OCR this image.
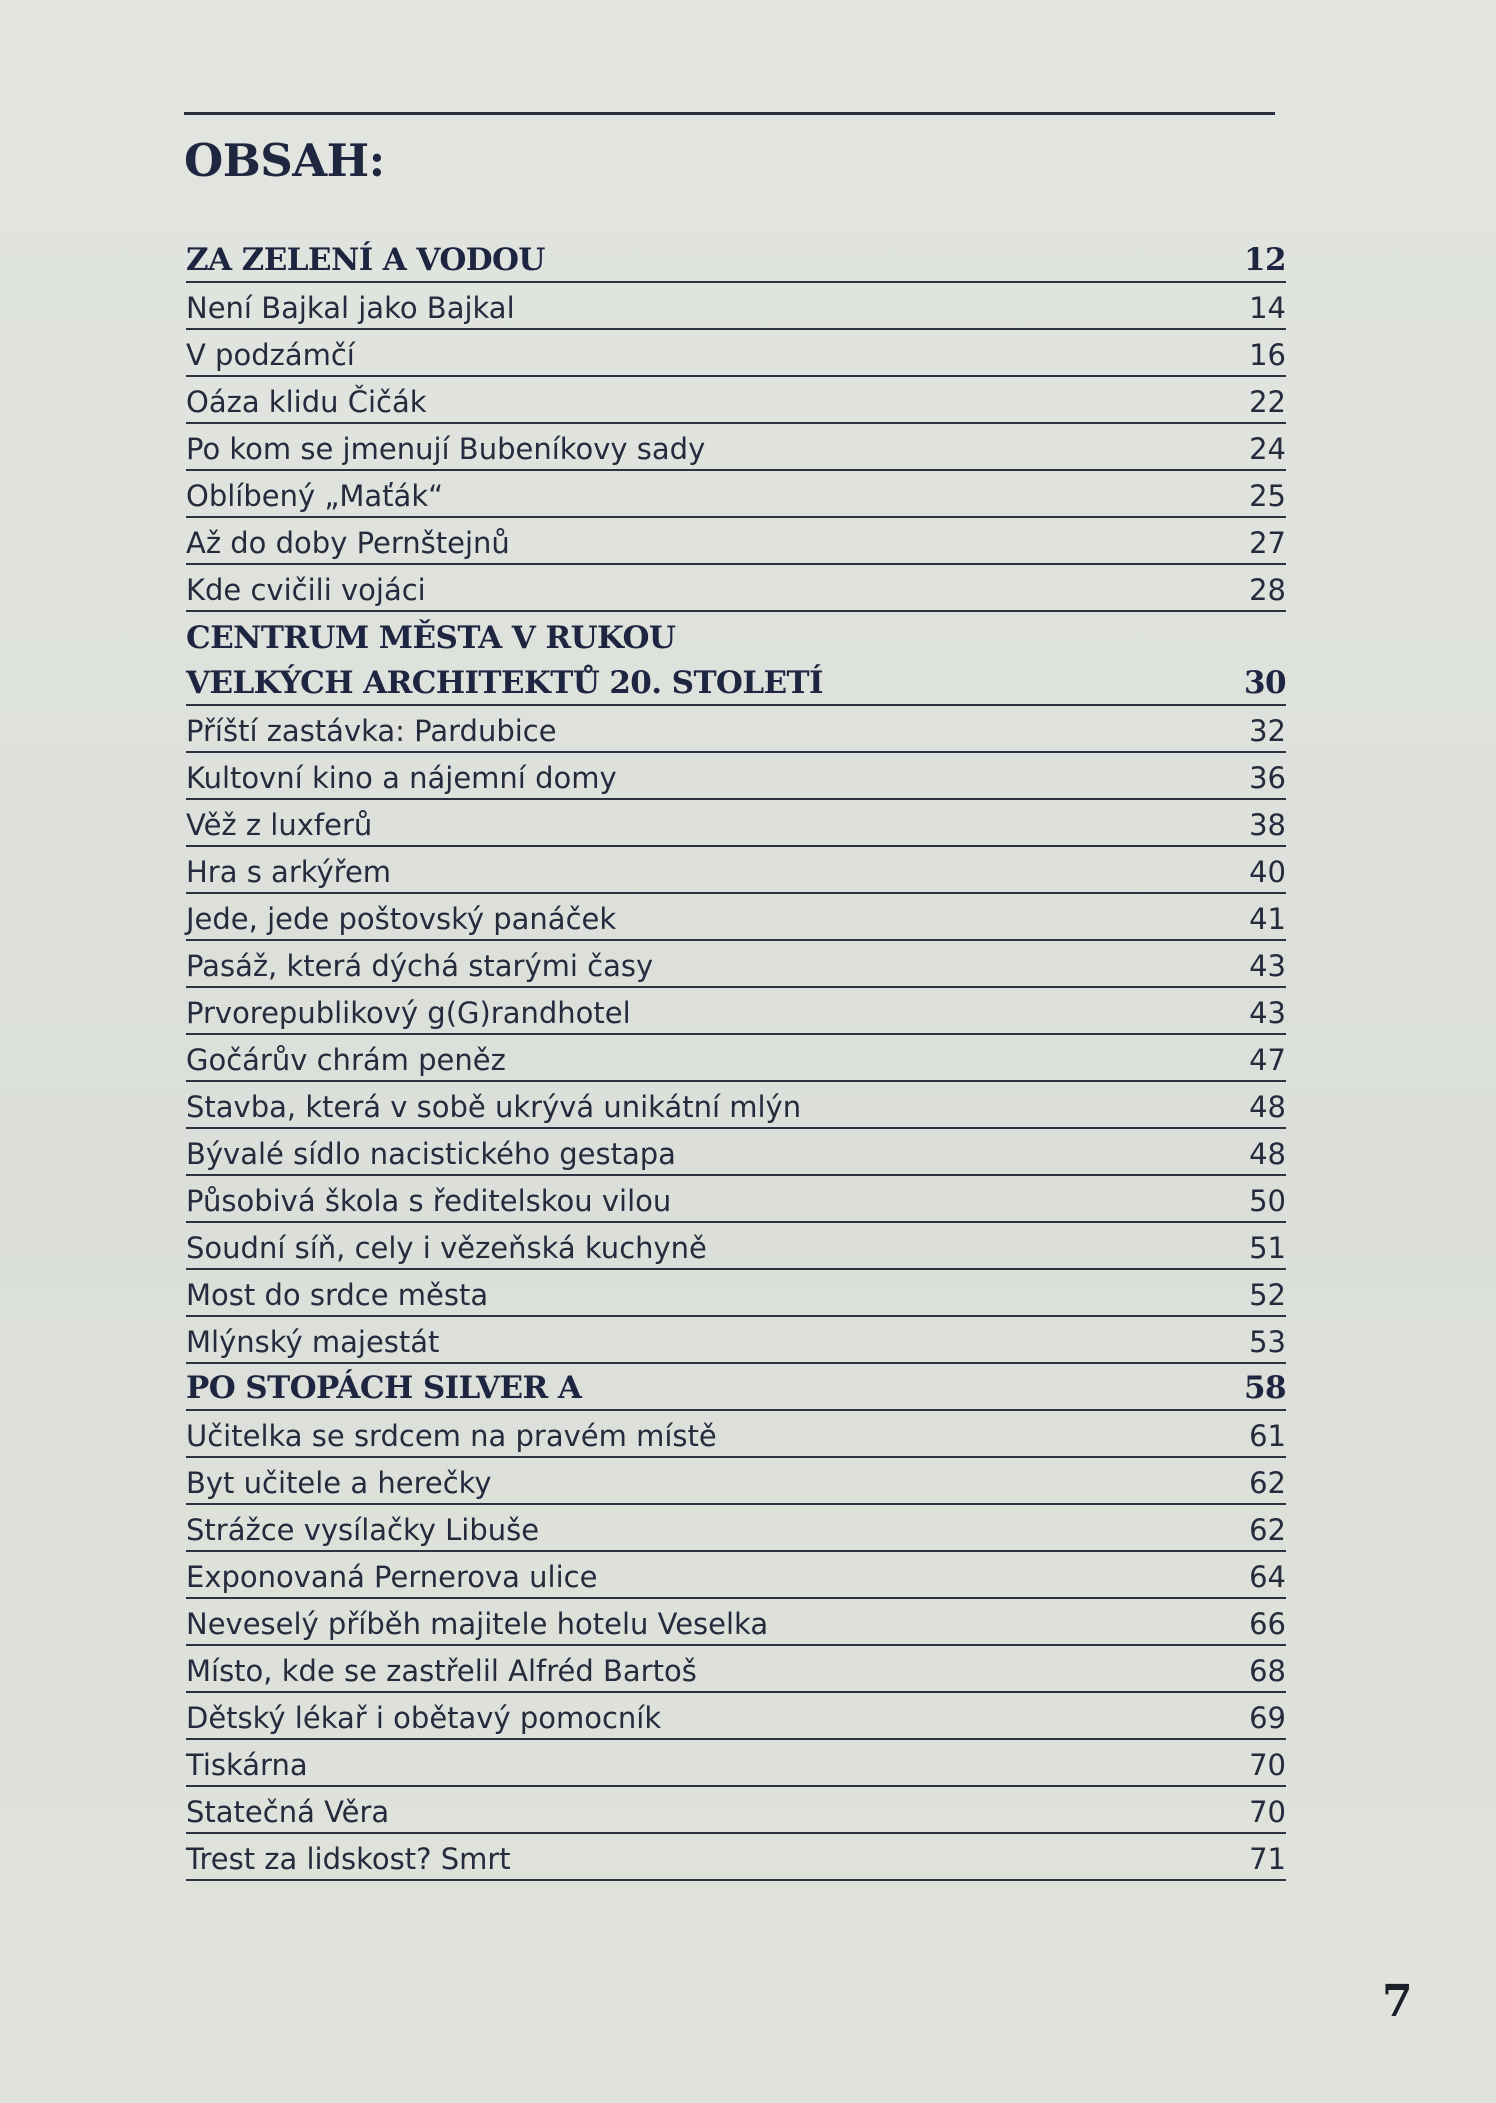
OBSAH:
ZA ZELENÍ A VODOU	12
Není Bajkal jako Bajkal	14
V podzámčí	16
Oáza klidu Čičák	22
Po kom se jmenují Bubeníkovy sady	24
Oblíbený „Maťák“	25
Až do doby Pernštejnů	27
Kde cvičili vojáci	28
CENTRUM MĚSTA V RUKOU
VELKÝCH ARCHITEKTŮ 20. STOLETÍ	30
Příští zastávka: Pardubice	32
Kultovní kino a nájemní domy	36
Věž z luxferů	38
Hra s arkýřem	40
Jede, jede poštovský panáček	41
Pasáž, která dýchá starými časy	43
Prvorepublikový g(G)randhotel	43
Gočárův chrám peněz	47
Stavba, která v sobě ukrývá unikátní mlýn	48
Bývalé sídlo nacistického gestapa	48
Působivá škola s ředitelskou vilou	50
Soudní síň, cely i vězeňská kuchyně	51
Most do srdce města	52
Mlýnský majestát	53
PO STOPÁCH SILVER A	58
Učitelka se srdcem na pravém místě	61
Byt učitele a herečky	62
Strážce vysílačky Libuše	62
Exponovaná Pernerova ulice	64
Neveselý příběh majitele hotelu Veselka	66
Místo, kde se zastřelil Alfréd Bartoš	68
Dětský lékař i obětavý pomocník	69
Tiskárna	70
Statečná Věra	70
Trest za lidskost? Smrt	71
7
